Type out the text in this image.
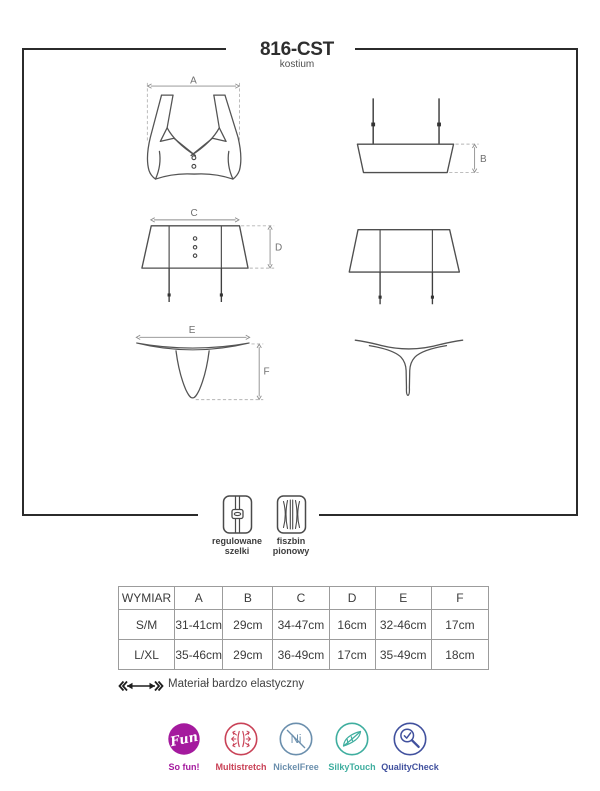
816-CST
kostium
A
B
C
D
E
F
regulowane
szelki
fiszbin
pionowy
WYMIAR	A	B	C	D	E	F
S/M	31-41cm	29cm	34-47cm	16cm	32-46cm	17cm
L/XL	35-46cm	29cm	36-49cm	17cm	35-49cm	18cm
Materiał bardzo elastyczny
Fun
So fun!	Multistretch
Ni
NickelFree	SilkyTouch QualityCheck
